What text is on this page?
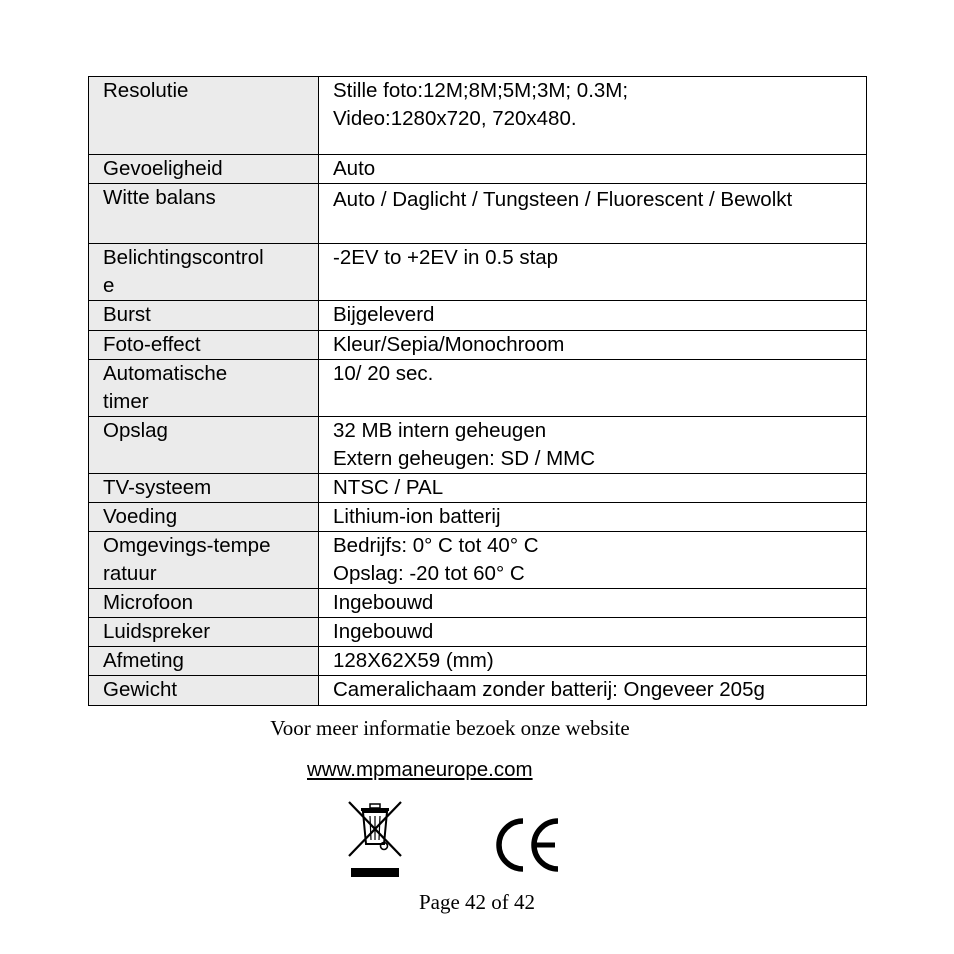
Resolutie	Stille foto:12M;8M;5M;3M; 0.3M;
Video:1280x720, 720x480.
Gevoeligheid	Auto
Witte balans	Auto / Daglicht / Tungsteen / Fluorescent / Bewolkt
Belichtingscontrol
e	-2EV to +2EV in 0.5 stap
Burst	Bijgeleverd
Foto-effect	Kleur/Sepia/Monochroom
Automatische
timer	10/ 20 sec.
Opslag	32 MB intern geheugen
Extern geheugen: SD / MMC
TV-systeem	NTSC / PAL
Voeding	Lithium-ion batterij
Omgevings-tempe
ratuur	Bedrijfs: 0° C tot 40° C
Opslag: -20 tot 60° C
Microfoon	Ingebouwd
Luidspreker	Ingebouwd
Afmeting	128X62X59 (mm)
Gewicht	Cameralichaam zonder batterij: Ongeveer 205g
Voor meer informatie bezoek onze website
www.mpmaneurope.com
Page 42 of 42
